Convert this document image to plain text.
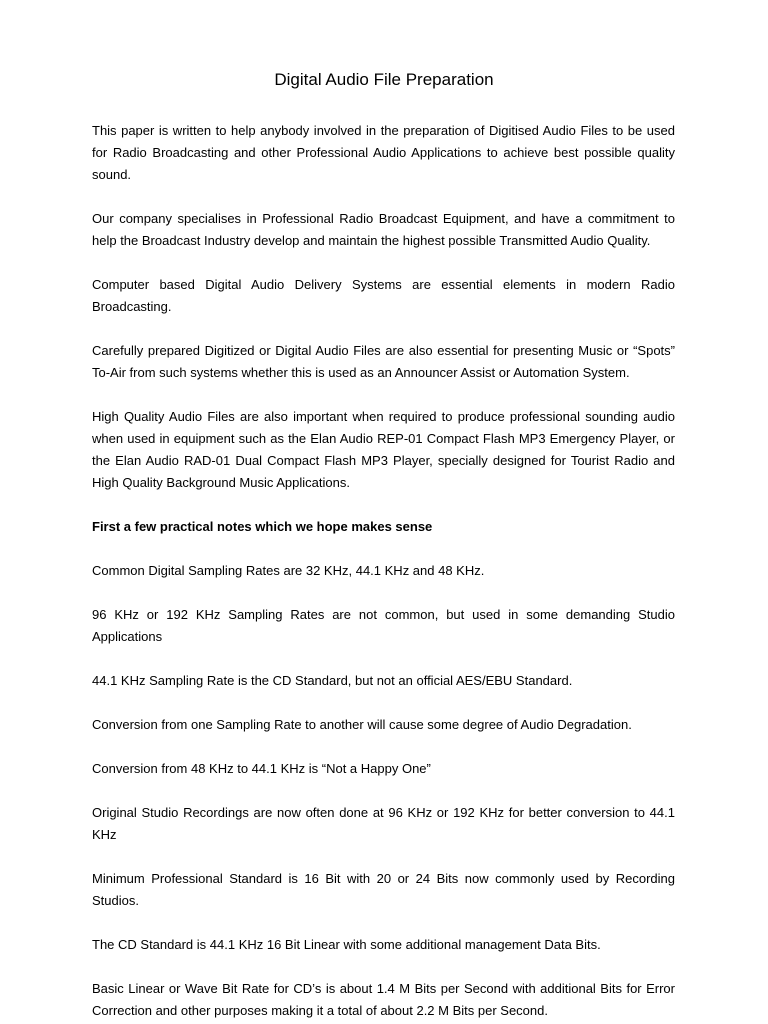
Digital Audio File Preparation

This paper is written to help anybody involved in the preparation of Digitised Audio Files to be used for Radio Broadcasting and other Professional Audio Applications to achieve best possible quality sound.

Our company specialises in Professional Radio Broadcast Equipment, and have a commitment to help the Broadcast Industry develop and maintain the highest possible Transmitted Audio Quality.

Computer based Digital Audio Delivery Systems are essential elements in modern Radio Broadcasting.

Carefully prepared Digitized or Digital Audio Files are also essential for presenting Music or “Spots” To-Air from such systems whether this is used as an Announcer Assist or Automation System.

High Quality Audio Files are also important when required to produce professional sounding audio when used in equipment such as the Elan Audio REP-01 Compact Flash MP3 Emergency Player, or the Elan Audio RAD-01 Dual Compact Flash MP3 Player, specially designed for Tourist Radio and High Quality Background Music Applications.

First a few practical notes which we hope makes sense

Common Digital Sampling Rates are 32 KHz, 44.1 KHz and 48 KHz.

96 KHz or 192 KHz Sampling Rates are not common, but used in some demanding Studio Applications

44.1 KHz Sampling Rate is the CD Standard, but not an official AES/EBU Standard.

Conversion from one Sampling Rate to another will cause some degree of Audio Degradation.

Conversion from 48 KHz to 44.1 KHz is “Not a Happy One”

Original Studio Recordings are now often done at 96 KHz or 192 KHz for better conversion to 44.1 KHz

Minimum Professional Standard is 16 Bit with 20 or 24 Bits now commonly used by Recording Studios.

The CD Standard is 44.1 KHz 16 Bit Linear with some additional management Data Bits.

Basic Linear or Wave Bit Rate for CD’s is about 1.4 M Bits per Second with additional Bits for Error Correction and other purposes making it a total of about 2.2 M Bits per Second.
